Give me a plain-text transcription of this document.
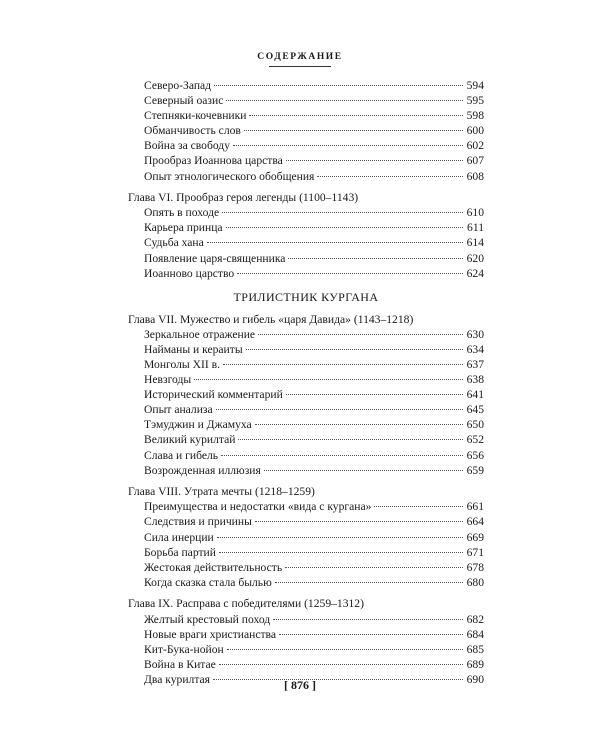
СОДЕРЖАНИЕ
Северо-Запад	594
Северный оазис	595
Степняки-кочевники	598
Обманчивость слов	600
Война за свободу	602
Прообраз Иоаннова царства	607
Опыт этнологического обобщения	608
Глава VI. Прообраз героя легенды (1100–1143)
Опять в походе	610
Карьера принца	611
Судьба хана	614
Появление царя-священника	620
Иоанново царство	624
ТРИЛИСТНИК КУРГАНА
Глава VII. Мужество и гибель «царя Давида» (1143–1218)
Зеркальное отражение	630
Найманы и кераиты	634
Монголы XII в.	637
Невзгоды	638
Исторический комментарий	641
Опыт анализа	645
Тэмуджин и Джамуха	650
Великий курилтай	652
Слава и гибель	656
Возрожденная иллюзия	659
Глава VIII. Утрата мечты (1218–1259)
Преимущества и недостатки «вида с кургана»	661
Следствия и причины	664
Сила инерции	669
Борьба партий	671
Жестокая действительность	678
Когда сказка стала былью	680
Глава IX. Расправа с победителями (1259–1312)
Желтый крестовый поход	682
Новые враги христианства	684
Кит-Бука-нойон	685
Война в Китае	689
Два курилтая	690
[ 876 ]
